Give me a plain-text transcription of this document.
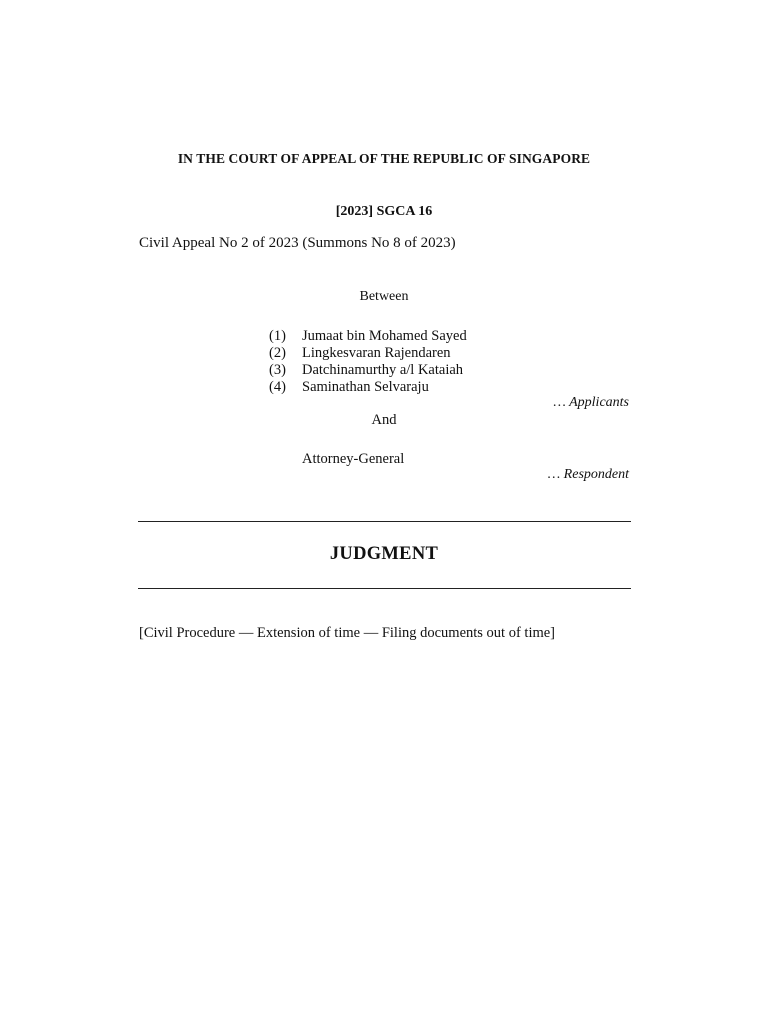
IN THE COURT OF APPEAL OF THE REPUBLIC OF SINGAPORE
[2023] SGCA 16
Civil Appeal No 2 of 2023 (Summons No 8 of 2023)
Between
(1)	Jumaat bin Mohamed Sayed
(2)	Lingkesvaran Rajendaren
(3)	Datchinamurthy a/l Kataiah
(4)	Saminathan Selvaraju
… Applicants
And
Attorney-General
… Respondent
JUDGMENT
[Civil Procedure — Extension of time — Filing documents out of time]
